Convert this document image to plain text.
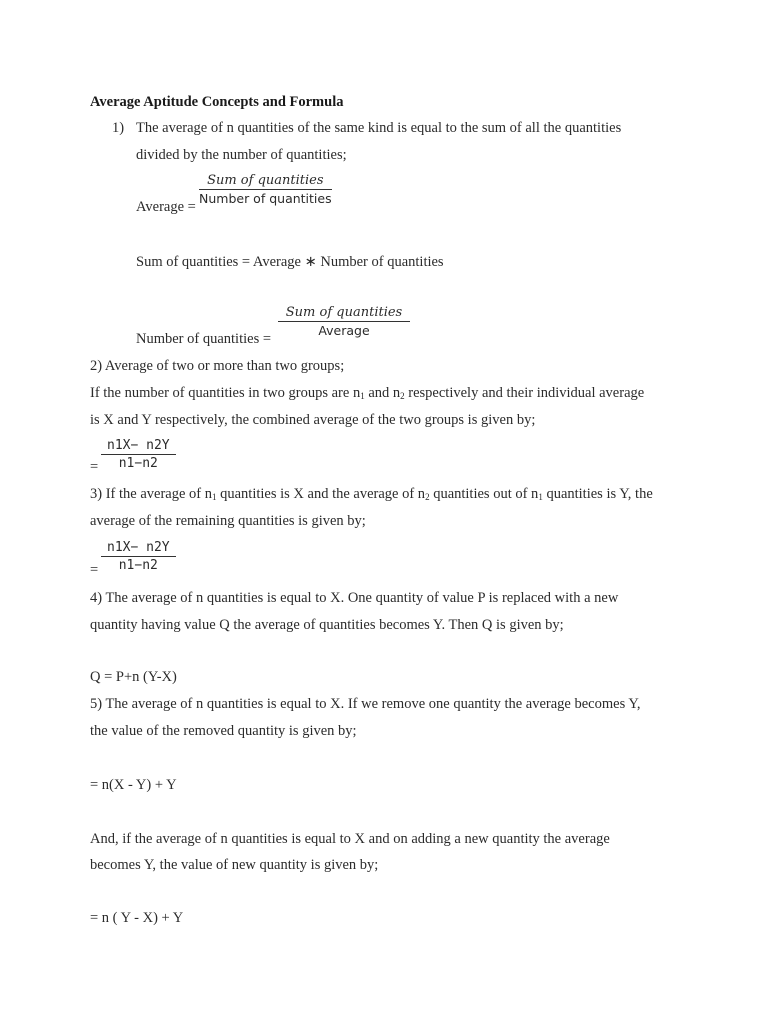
Average Aptitude Concepts and Formula
1) The average of n quantities of the same kind is equal to the sum of all the quantities
divided by the number of quantities;
Average =
Sum of quantities
Number of quantities
Sum of quantities = Average ∗ Number of quantities
Number of quantities =
Sum of quantities
Average
2) Average of two or more than two groups;
If the number of quantities in two groups are $n_1$ and $n_2$ respectively and their individual average
is X and Y respectively, the combined average of the two groups is given by;
= $\frac{n1X- n2Y}{n1-n2}$
3) If the average of $n_1$ quantities is X and the average of $n_2$ quantities out of $n_1$ quantities is Y, the
average of the remaining quantities is given by;
= $\frac{n1X- n2Y}{n1-n2}$
4) The average of n quantities is equal to X. One quantity of value P is replaced with a new
quantity having value Q the average of quantities becomes Y. Then Q is given by;
Q = P+n (Y-X)
5) The average of n quantities is equal to X. If we remove one quantity the average becomes Y,
the value of the removed quantity is given by;
= n(X - Y) + Y
And, if the average of n quantities is equal to X and on adding a new quantity the average
becomes Y, the value of new quantity is given by;
= n ( Y - X) + Y
